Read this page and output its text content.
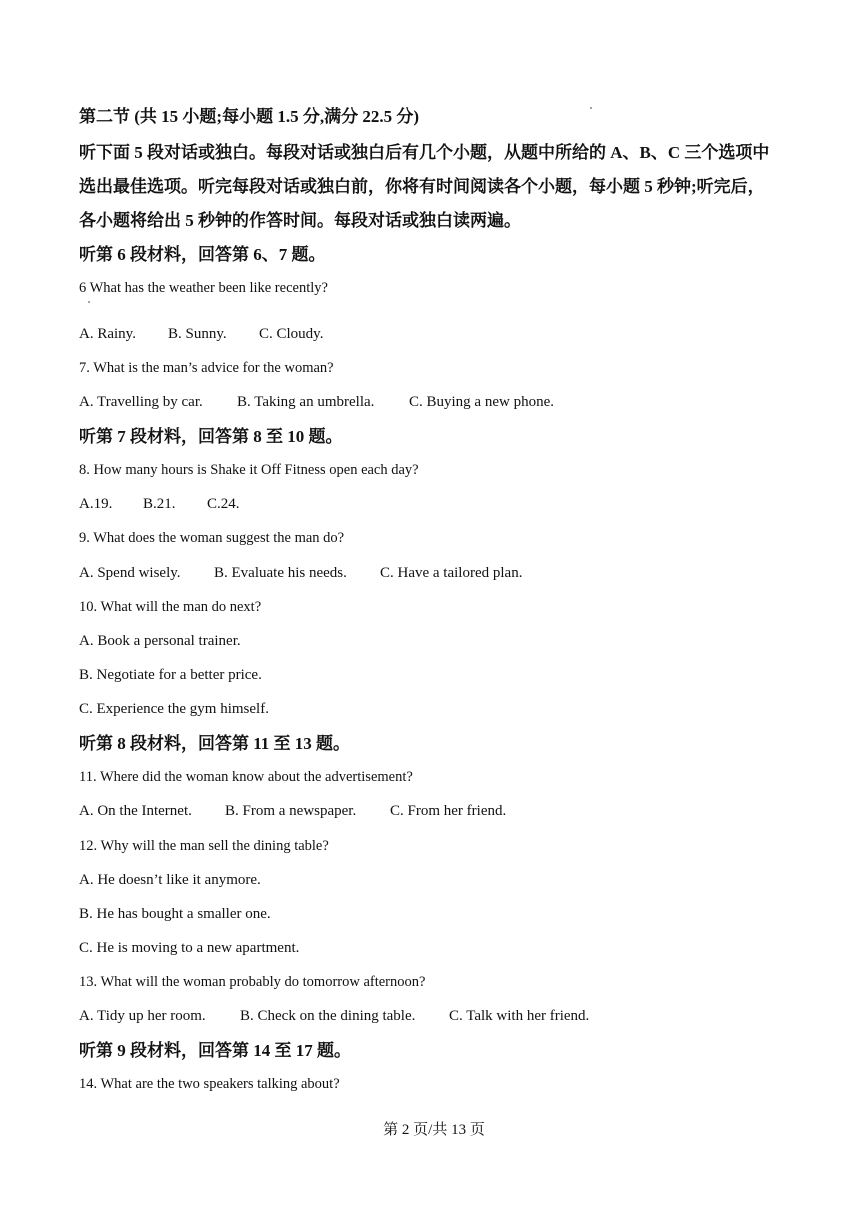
第二节 (共 15 小题;每小题 1.5 分,满分 22.5 分)
听下面 5 段对话或独白。每段对话或独白后有几个小题，从题中所给的 A、B、C 三个选项中
选出最佳选项。听完每段对话或独白前，你将有时间阅读各个小题，每小题 5 秒钟;听完后，
各小题将给出 5 秒钟的作答时间。每段对话或独白读两遍。
听第 6 段材料，回答第 6、7 题。
6 What has the weather been like recently?
A. Rainy. B. Sunny. C. Cloudy.
7. What is the man’s advice for the woman?
A. Travelling by car. B. Taking an umbrella. C. Buying a new phone.
听第 7 段材料，回答第 8 至 10 题。
8. How many hours is Shake it Off Fitness open each day?
A.19. B.21. C.24.
9. What does the woman suggest the man do?
A. Spend wisely. B. Evaluate his needs. C. Have a tailored plan.
10. What will the man do next?
A. Book a personal trainer.
B. Negotiate for a better price.
C. Experience the gym himself.
听第 8 段材料，回答第 11 至 13 题。
11. Where did the woman know about the advertisement?
A. On the Internet. B. From a newspaper. C. From her friend.
12. Why will the man sell the dining table?
A. He doesn’t like it anymore.
B. He has bought a smaller one.
C. He is moving to a new apartment.
13. What will the woman probably do tomorrow afternoon?
A. Tidy up her room. B. Check on the dining table. C. Talk with her friend.
听第 9 段材料，回答第 14 至 17 题。
14. What are the two speakers talking about?
第 2 页/共 13 页
